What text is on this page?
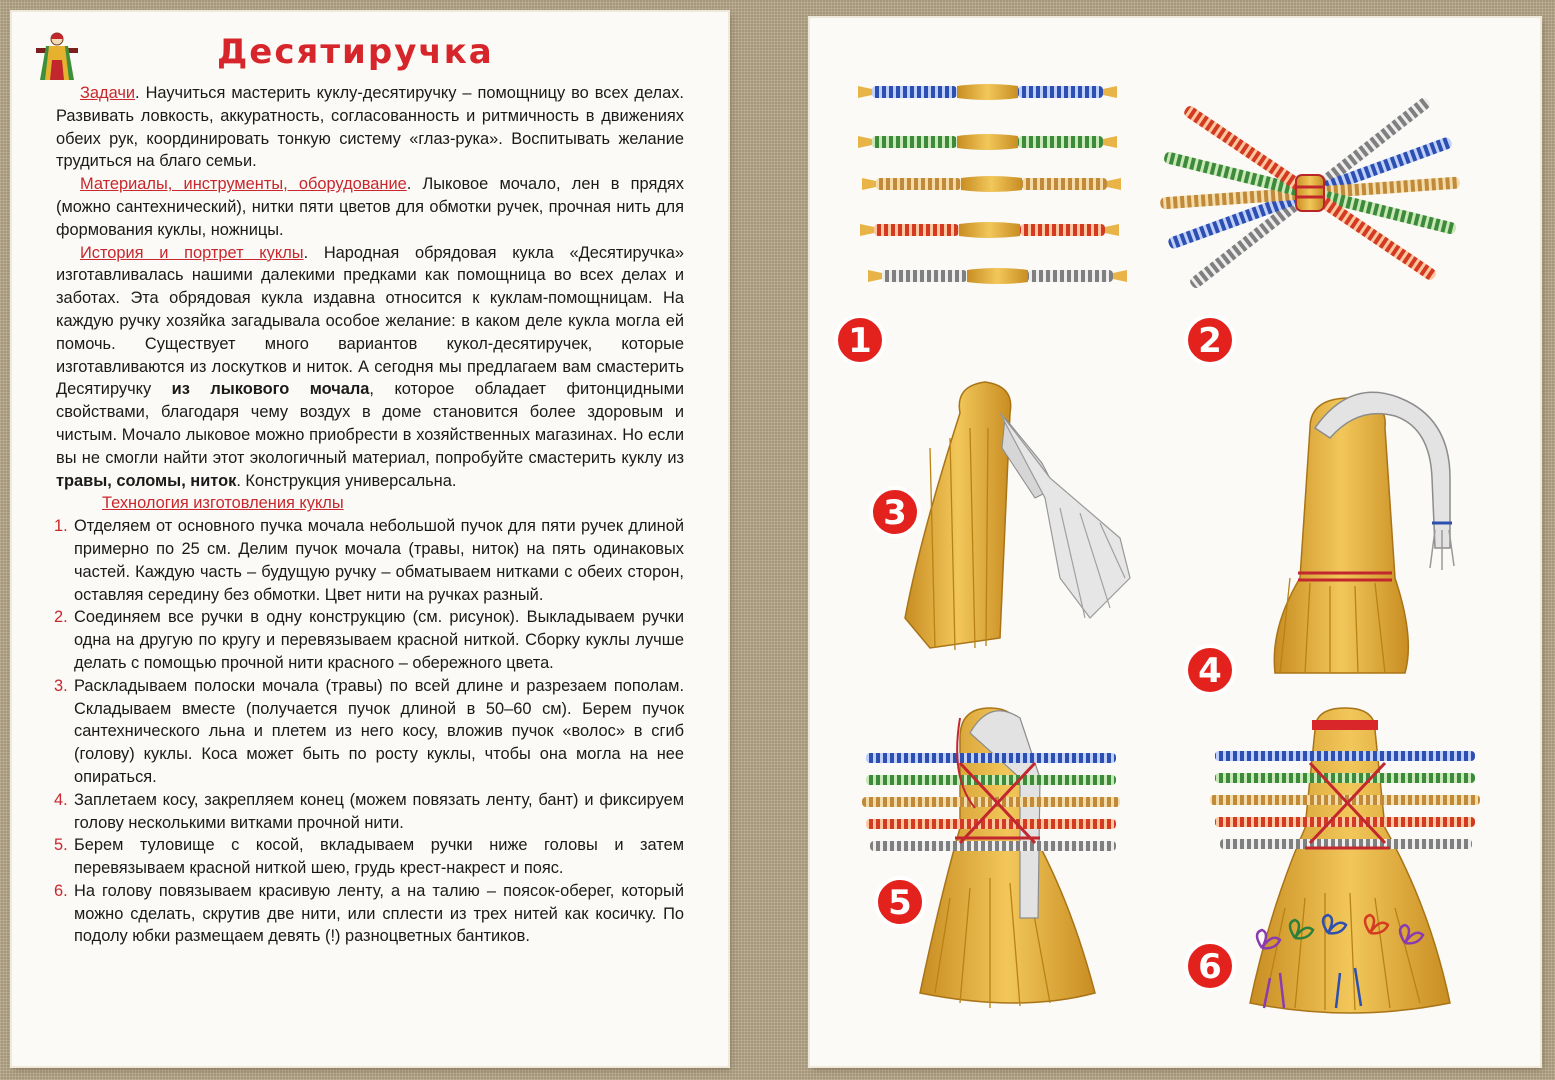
Десятиручка

Задачи. Научиться мастерить куклу-десятиручку – помощницу во всех делах. Развивать ловкость, аккуратность, согласованность и ритмичность в движениях обеих рук, координировать тонкую систему «глаз-рука». Воспитывать желание трудиться на благо семьи.

Материалы, инструменты, оборудование. Лыковое мочало, лен в прядях (можно сантехнический), нитки пяти цветов для обмотки ручек, прочная нить для формования куклы, ножницы.

История и портрет куклы. Народная обрядовая кукла «Десятиручка» изготавливалась нашими далекими предками как помощница во всех делах и заботах. Эта обрядовая кукла издавна относится к куклам-помощницам. На каждую ручку хозяйка загадывала особое желание: в каком деле кукла могла ей помочь. Существует много вариантов кукол-десятиручек, которые изготавливаются из лоскутков и ниток. А сегодня мы предлагаем вам смастерить Десятиручку из лыкового мочала, которое обладает фитонцидными свойствами, благодаря чему воздух в доме становится более здоровым и чистым. Мочало лыковое можно приобрести в хозяйственных магазинах. Но если вы не смогли найти этот экологичный материал, попробуйте смастерить куклу из травы, соломы, ниток. Конструкция универсальна.

Технология изготовления куклы

1. Отделяем от основного пучка мочала небольшой пучок для пяти ручек длиной примерно по 25 см. Делим пучок мочала (травы, ниток) на пять одинаковых частей. Каждую часть – будущую ручку – обматываем нитками с обеих сторон, оставляя середину без обмотки. Цвет нити на ручках разный.
2. Соединяем все ручки в одну конструкцию (см. рисунок). Выкладываем ручки одна на другую по кругу и перевязываем красной ниткой. Сборку куклы лучше делать с помощью прочной нити красного – обережного цвета.
3. Раскладываем полоски мочала (травы) по всей длине и разрезаем пополам. Складываем вместе (получается пучок длиной в 50–60 см). Берем пучок сантехнического льна и плетем из него косу, вложив пучок «волос» в сгиб (голову) куклы. Коса может быть по росту куклы, чтобы она могла на нее опираться.
4. Заплетаем косу, закрепляем конец (можем повязать ленту, бант) и фиксируем голову несколькими витками прочной нити.
5. Берем туловище с косой, вкладываем ручки ниже головы и затем перевязываем красной ниткой шею, грудь крест-накрест и пояс.
6. На голову повязываем красивую ленту, а на талию – поясок-оберег, который можно сделать, скрутив две нити, или сплести из трех нитей как косичку. По подолу юбки размещаем девять (!) разноцветных бантиков.
1	2
3
4
5
6
